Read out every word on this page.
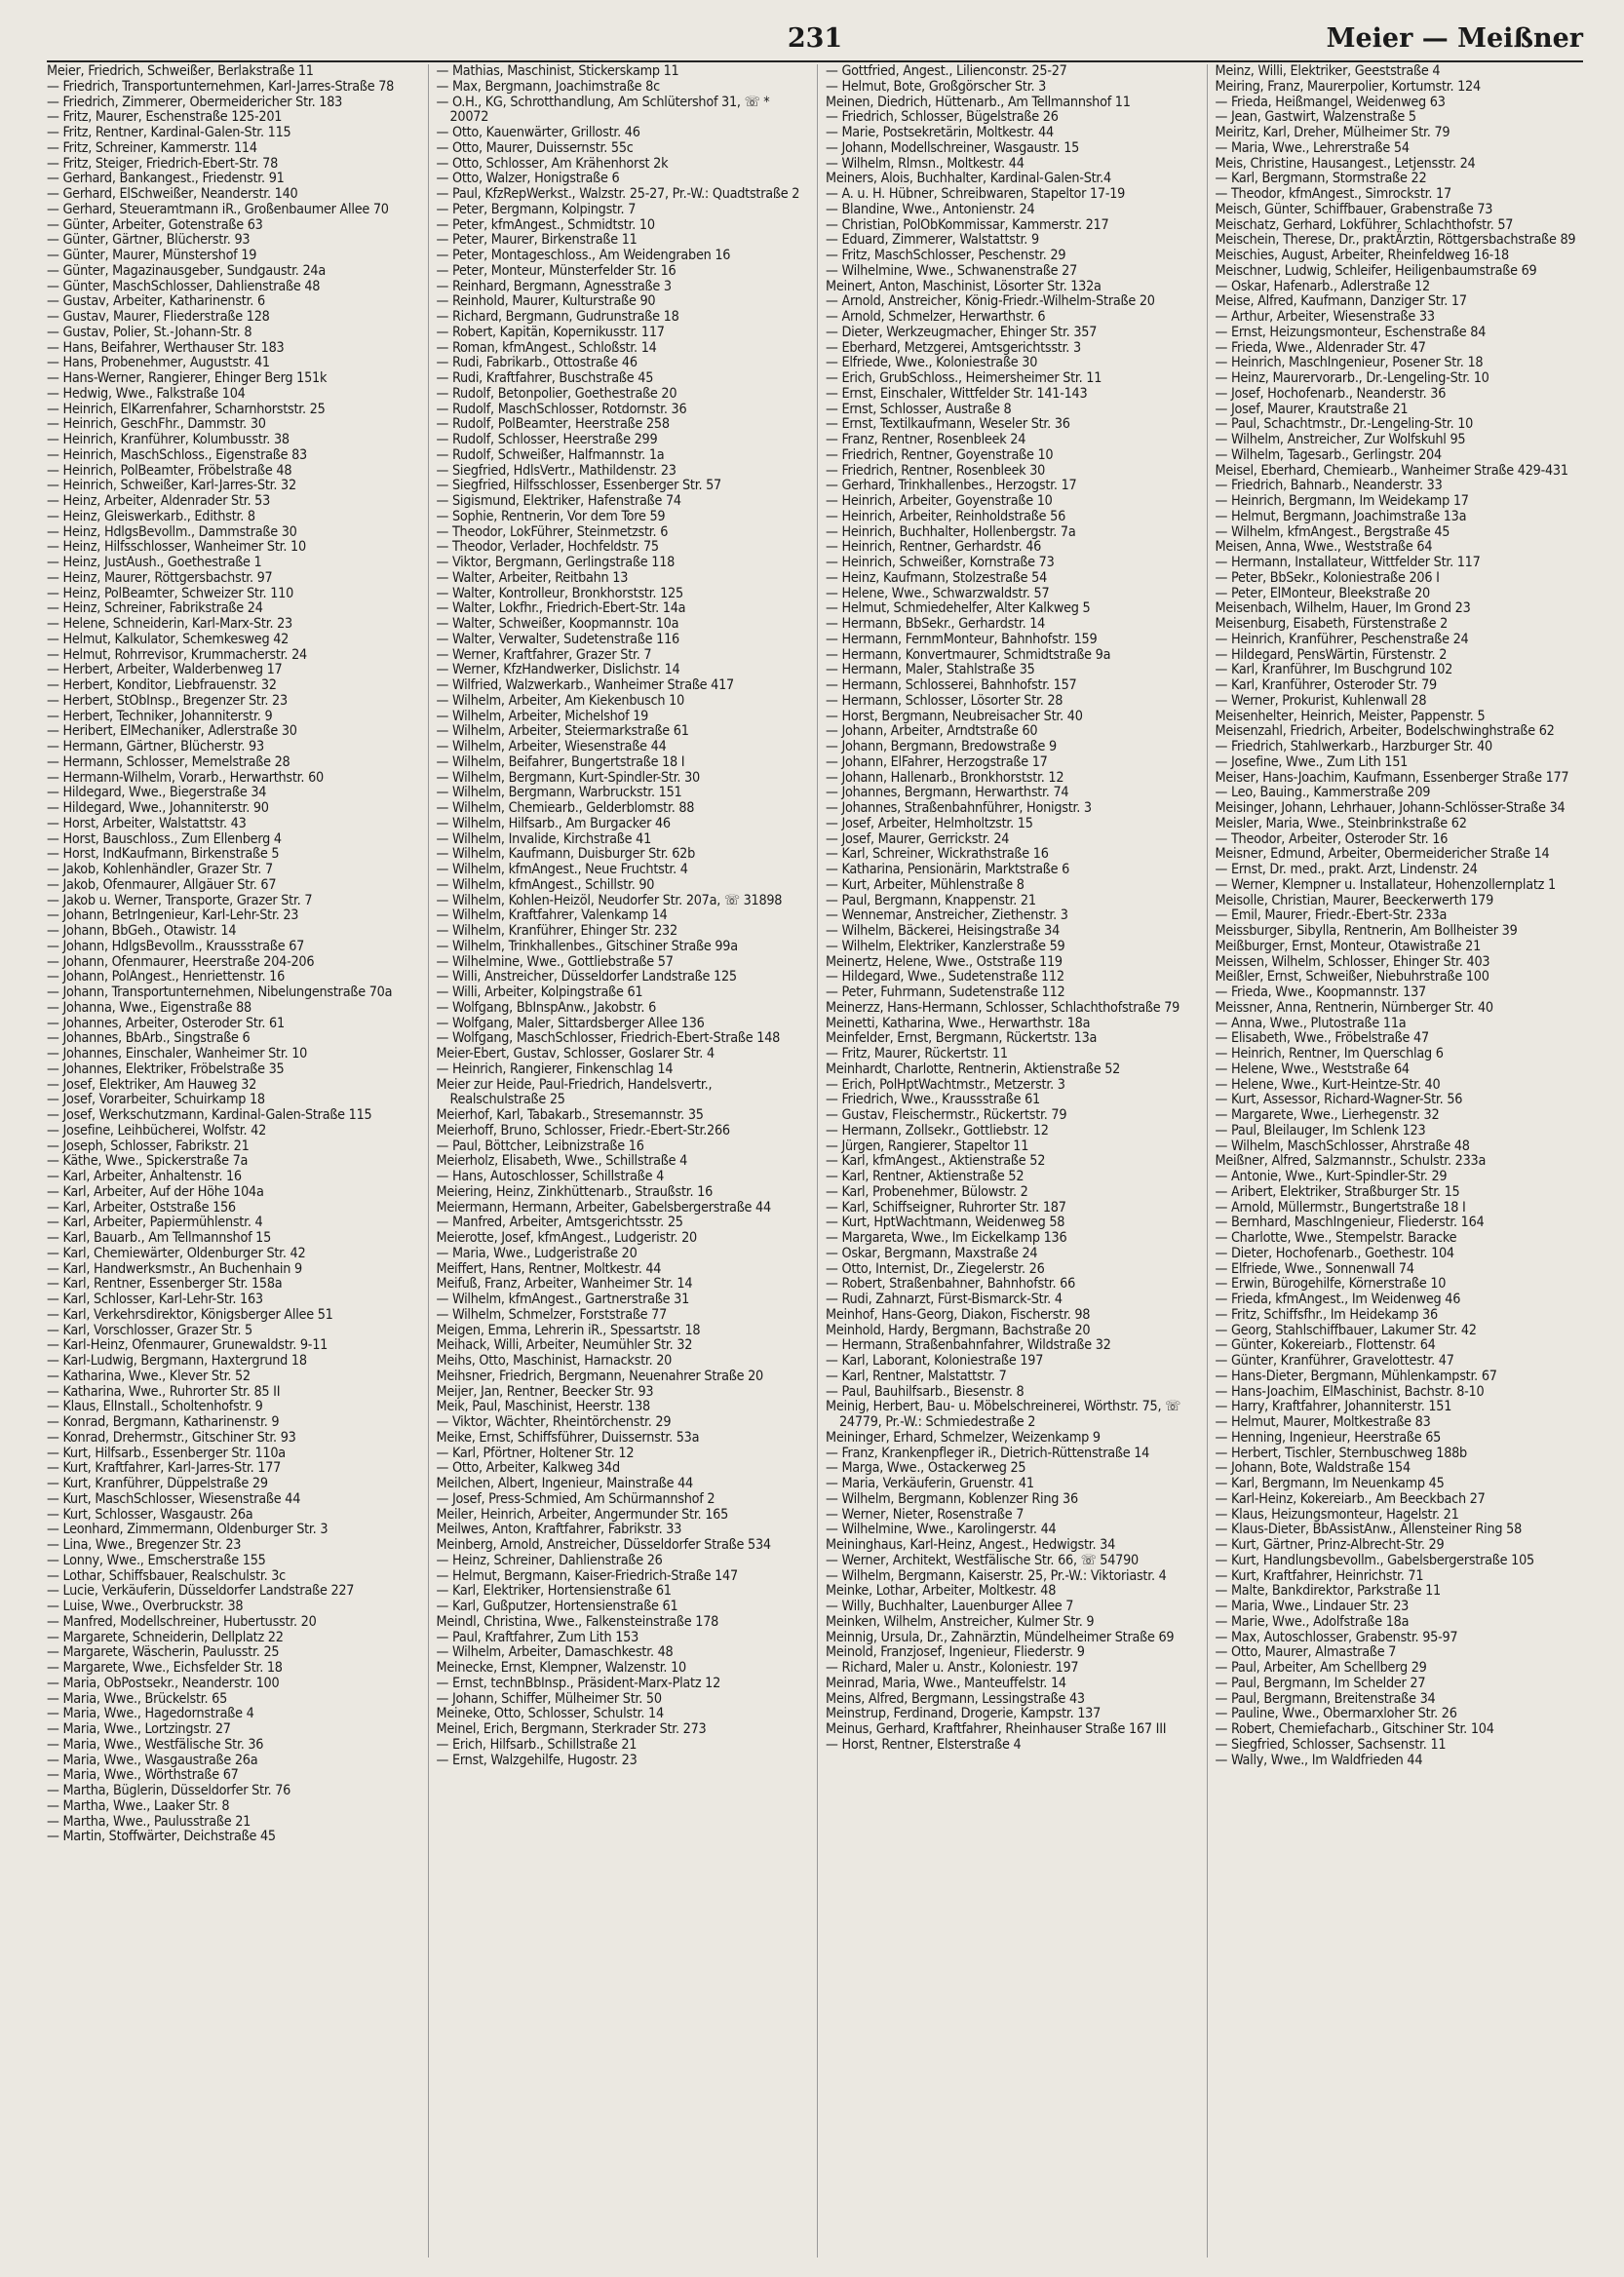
231	Meier — Meißner
Meier, Friedrich, Schweißer, Berlakstraße 11
— Friedrich, Transportunternehmen, Karl-Jarres-Straße 78
— Friedrich, Zimmerer, Obermeidericher Str. 183
— Fritz, Maurer, Eschenstraße 125-201
— Fritz, Rentner, Kardinal-Galen-Str. 115
— Fritz, Schreiner, Kammerstr. 114
— Fritz, Steiger, Friedrich-Ebert-Str. 78
— Gerhard, Bankangest., Friedenstr. 91
— Gerhard, ElSchweißer, Neanderstr. 140
— Gerhard, Steueramtmann iR., Großenbaumer Allee 70
— Günter, Arbeiter, Gotenstraße 63
— Günter, Gärtner, Blücherstr. 93
— Günter, Maurer, Münstershof 19
— Günter, Magazinausgeber, Sundgaustr. 24a
— Günter, MaschSchlosser, Dahlienstraße 48
— Gustav, Arbeiter, Katharinenstr. 6
— Gustav, Maurer, Fliederstraße 128
— Gustav, Polier, St.-Johann-Str. 8
— Hans, Beifahrer, Werthauser Str. 183
— Hans, Probenehmer, Auguststr. 41
— Hans-Werner, Rangierer, Ehinger Berg 151k
— Hedwig, Wwe., Falkstraße 104
— Heinrich, ElKarrenfahrer, Scharnhorststr. 25
— Heinrich, GeschFhr., Dammstr. 30
— Heinrich, Kranführer, Kolumbusstr. 38
— Heinrich, MaschSchloss., Eigenstraße 83
— Heinrich, PolBeamter, Fröbelstraße 48
— Heinrich, Schweißer, Karl-Jarres-Str. 32
— Heinz, Arbeiter, Aldenrader Str. 53
— Heinz, Gleiswerkarb., Edithstr. 8
— Heinz, HdlgsBevollm., Dammstraße 30
— Heinz, Hilfsschlosser, Wanheimer Str. 10
— Heinz, JustAush., Goethestraße 1
— Heinz, Maurer, Röttgersbachstr. 97
— Heinz, PolBeamter, Schweizer Str. 110
— Heinz, Schreiner, Fabrikstraße 24
— Helene, Schneiderin, Karl-Marx-Str. 23
— Helmut, Kalkulator, Schemkesweg 42
— Helmut, Rohrrevisor, Krummacherstr. 24
— Herbert, Arbeiter, Walderbenweg 17
— Herbert, Konditor, Liebfrauenstr. 32
— Herbert, StObInsp., Bregenzer Str. 23
— Herbert, Techniker, Johanniterstr. 9
— Heribert, ElMechaniker, Adlerstraße 30
— Hermann, Gärtner, Blücherstr. 93
— Hermann, Schlosser, Memelstraße 28
— Hermann-Wilhelm, Vorarb., Herwarthstr. 60
— Hildegard, Wwe., Biegerstraße 34
— Hildegard, Wwe., Johanniterstr. 90
— Horst, Arbeiter, Walstattstr. 43
— Horst, Bauschloss., Zum Ellenberg 4
— Horst, IndKaufmann, Birkenstraße 5
— Jakob, Kohlenhändler, Grazer Str. 7
— Jakob, Ofenmaurer, Allgäuer Str. 67
— Jakob u. Werner, Transporte, Grazer Str. 7
— Johann, BetrIngenieur, Karl-Lehr-Str. 23
— Johann, BbGeh., Otawistr. 14
— Johann, HdlgsBevollm., Kraussstraße 67
— Johann, Ofenmaurer, Heerstraße 204-206
— Johann, PolAngest., Henriettenstr. 16
— Johann, Transportunternehmen, Nibelungenstraße 70a
— Johanna, Wwe., Eigenstraße 88
— Johannes, Arbeiter, Osteroder Str. 61
— Johannes, BbArb., Singstraße 6
— Johannes, Einschaler, Wanheimer Str. 10
— Johannes, Elektriker, Fröbelstraße 35
— Josef, Elektriker, Am Hauweg 32
— Josef, Vorarbeiter, Schuirkamp 18
— Josef, Werkschutzmann, Kardinal-Galen-Straße 115
— Josefine, Leihbücherei, Wolfstr. 42
— Joseph, Schlosser, Fabrikstr. 21
— Käthe, Wwe., Spickerstraße 7a
— Karl, Arbeiter, Anhaltenstr. 16
— Karl, Arbeiter, Auf der Höhe 104a
— Karl, Arbeiter, Oststraße 156
— Karl, Arbeiter, Papiermühlenstr. 4
— Karl, Bauarb., Am Tellmannshof 15
— Karl, Chemiewärter, Oldenburger Str. 42
— Karl, Handwerksmstr., An Buchenhain 9
— Karl, Rentner, Essenberger Str. 158a
— Karl, Schlosser, Karl-Lehr-Str. 163
— Karl, Verkehrsdirektor, Königsberger Allee 51
— Karl, Vorschlosser, Grazer Str. 5
— Karl-Heinz, Ofenmaurer, Grunewaldstr. 9-11
— Karl-Ludwig, Bergmann, Haxtergrund 18
— Katharina, Wwe., Klever Str. 52
— Katharina, Wwe., Ruhrorter Str. 85 II
— Klaus, ElInstall., Scholtenhofstr. 9
— Konrad, Bergmann, Katharinenstr. 9
— Konrad, Drehermstr., Gitschiner Str. 93
— Kurt, Hilfsarb., Essenberger Str. 110a
— Kurt, Kraftfahrer, Karl-Jarres-Str. 177
— Kurt, Kranführer, Düppelstraße 29
— Kurt, MaschSchlosser, Wiesenstraße 44
— Kurt, Schlosser, Wasgaustr. 26a
— Leonhard, Zimmermann, Oldenburger Str. 3
— Lina, Wwe., Bregenzer Str. 23
— Lonny, Wwe., Emscherstraße 155
— Lothar, Schiffsbauer, Realschulstr. 3c
— Lucie, Verkäuferin, Düsseldorfer Landstraße 227
— Luise, Wwe., Overbruckstr. 38
— Manfred, Modellschreiner, Hubertusstr. 20
— Margarete, Schneiderin, Dellplatz 22
— Margarete, Wäscherin, Paulusstr. 25
— Margarete, Wwe., Eichsfelder Str. 18
— Maria, ObPostsekr., Neanderstr. 100
— Maria, Wwe., Brückelstr. 65
— Maria, Wwe., Hagedornstraße 4
— Maria, Wwe., Lortzingstr. 27
— Maria, Wwe., Westfälische Str. 36
— Maria, Wwe., Wasgaustraße 26a
— Maria, Wwe., Wörthstraße 67
— Martha, Büglerin, Düsseldorfer Str. 76
— Martha, Wwe., Laaker Str. 8
— Martha, Wwe., Paulusstraße 21
— Martin, Stoffwärter, Deichstraße 45
— Mathias, Maschinist, Stickerskamp 11
— Max, Bergmann, Joachimstraße 8c
— O.H., KG, Schrotthandlung, Am Schlütershof 31, ☏ * 20072
— Otto, Kauenwärter, Grillostr. 46
— Otto, Maurer, Duissernstr. 55c
— Otto, Schlosser, Am Krähenhorst 2k
— Otto, Walzer, Honigstraße 6
— Paul, KfzRepWerkst., Walzstr. 25-27, Pr.-W.: Quadtstraße 2
— Peter, Bergmann, Kolpingstr. 7
— Peter, kfmAngest., Schmidtstr. 10
— Peter, Maurer, Birkenstraße 11
— Peter, Montageschloss., Am Weidengraben 16
— Peter, Monteur, Münsterfelder Str. 16
— Reinhard, Bergmann, Agnesstraße 3
— Reinhold, Maurer, Kulturstraße 90
— Richard, Bergmann, Gudrunstraße 18
— Robert, Kapitän, Kopernikusstr. 117
— Roman, kfmAngest., Schloßstr. 14
— Rudi, Fabrikarb., Ottostraße 46
— Rudi, Kraftfahrer, Buschstraße 45
— Rudolf, Betonpolier, Goethestraße 20
— Rudolf, MaschSchlosser, Rotdornstr. 36
— Rudolf, PolBeamter, Heerstraße 258
— Rudolf, Schlosser, Heerstraße 299
— Rudolf, Schweißer, Halfmannstr. 1a
— Siegfried, HdlsVertr., Mathildenstr. 23
— Siegfried, Hilfsschlosser, Essenberger Str. 57
— Sigismund, Elektriker, Hafenstraße 74
— Sophie, Rentnerin, Vor dem Tore 59
— Theodor, LokFührer, Steinmetzstr. 6
— Theodor, Verlader, Hochfeldstr. 75
— Viktor, Bergmann, Gerlingstraße 118
— Walter, Arbeiter, Reitbahn 13
— Walter, Kontrolleur, Bronkhorststr. 125
— Walter, Lokfhr., Friedrich-Ebert-Str. 14a
— Walter, Schweißer, Koopmannstr. 10a
— Walter, Verwalter, Sudetenstraße 116
— Werner, Kraftfahrer, Grazer Str. 7
— Werner, KfzHandwerker, Dislichstr. 14
— Wilfried, Walzwerkarb., Wanheimer Straße 417
— Wilhelm, Arbeiter, Am Kiekenbusch 10
— Wilhelm, Arbeiter, Michelshof 19
— Wilhelm, Arbeiter, Steiermarkstraße 61
— Wilhelm, Arbeiter, Wiesenstraße 44
— Wilhelm, Beifahrer, Bungertstraße 18 I
— Wilhelm, Bergmann, Kurt-Spindler-Str. 30
— Wilhelm, Bergmann, Warbruckstr. 151
— Wilhelm, Chemiearb., Gelderblomstr. 88
— Wilhelm, Hilfsarb., Am Burgacker 46
— Wilhelm, Invalide, Kirchstraße 41
— Wilhelm, Kaufmann, Duisburger Str. 62b
— Wilhelm, kfmAngest., Neue Fruchtstr. 4
— Wilhelm, kfmAngest., Schillstr. 90
— Wilhelm, Kohlen-Heizöl, Neudorfer Str. 207a, ☏ 31898
— Wilhelm, Kraftfahrer, Valenkamp 14
— Wilhelm, Kranführer, Ehinger Str. 232
— Wilhelm, Trinkhallenbes., Gitschiner Straße 99a
— Wilhelmine, Wwe., Gottliebstraße 57
— Willi, Anstreicher, Düsseldorfer Landstraße 125
— Willi, Arbeiter, Kolpingstraße 61
— Wolfgang, BbInspAnw., Jakobstr. 6
— Wolfgang, Maler, Sittardsberger Allee 136
— Wolfgang, MaschSchlosser, Friedrich-Ebert-Straße 148
Meier-Ebert, Gustav, Schlosser, Goslarer Str. 4
— Heinrich, Rangierer, Finkenschlag 14
Meier zur Heide, Paul-Friedrich, Handelsvertr., Realschulstraße 25
Meierhof, Karl, Tabakarb., Stresemannstr. 35
Meierhoff, Bruno, Schlosser, Friedr.-Ebert-Str.266
— Paul, Böttcher, Leibnizstraße 16
Meierholz, Elisabeth, Wwe., Schillstraße 4
— Hans, Autoschlosser, Schillstraße 4
Meiering, Heinz, Zinkhüttenarb., Straußstr. 16
Meiermann, Hermann, Arbeiter, Gabelsbergerstraße 44
— Manfred, Arbeiter, Amtsgerichtsstr. 25
Meierotte, Josef, kfmAngest., Ludgeristr. 20
— Maria, Wwe., Ludgeristraße 20
Meiffert, Hans, Rentner, Moltkestr. 44
Meifuß, Franz, Arbeiter, Wanheimer Str. 14
— Wilhelm, kfmAngest., Gartnerstraße 31
— Wilhelm, Schmelzer, Forststraße 77
Meigen, Emma, Lehrerin iR., Spessartstr. 18
Meihack, Willi, Arbeiter, Neumühler Str. 32
Meihs, Otto, Maschinist, Harnackstr. 20
Meihsner, Friedrich, Bergmann, Neuenahrer Straße 20
Meijer, Jan, Rentner, Beecker Str. 93
Meik, Paul, Maschinist, Heerstr. 138
— Viktor, Wächter, Rheintörchenstr. 29
Meike, Ernst, Schiffsführer, Duissernstr. 53a
— Karl, Pförtner, Holtener Str. 12
— Otto, Arbeiter, Kalkweg 34d
Meilchen, Albert, Ingenieur, Mainstraße 44
— Josef, Press-Schmied, Am Schürmannshof 2
Meiler, Heinrich, Arbeiter, Angermunder Str. 165
Meilwes, Anton, Kraftfahrer, Fabrikstr. 33
Meinberg, Arnold, Anstreicher, Düsseldorfer Straße 534
— Heinz, Schreiner, Dahlienstraße 26
— Helmut, Bergmann, Kaiser-Friedrich-Straße 147
— Karl, Elektriker, Hortensienstraße 61
— Karl, Gußputzer, Hortensienstraße 61
Meindl, Christina, Wwe., Falkensteinstraße 178
— Paul, Kraftfahrer, Zum Lith 153
— Wilhelm, Arbeiter, Damaschkestr. 48
Meinecke, Ernst, Klempner, Walzenstr. 10
— Ernst, technBbInsp., Präsident-Marx-Platz 12
— Johann, Schiffer, Mülheimer Str. 50
Meineke, Otto, Schlosser, Schulstr. 14
Meinel, Erich, Bergmann, Sterkrader Str. 273
— Erich, Hilfsarb., Schillstraße 21
— Ernst, Walzgehilfe, Hugostr. 23
— Gottfried, Angest., Lilienconstr. 25-27
— Helmut, Bote, Großgörscher Str. 3
Meinen, Diedrich, Hüttenarb., Am Tellmannshof 11
— Friedrich, Schlosser, Bügelstraße 26
— Marie, Postsekretärin, Moltkestr. 44
— Johann, Modellschreiner, Wasgaustr. 15
— Wilhelm, Rlmsn., Moltkestr. 44
Meiners, Alois, Buchhalter, Kardinal-Galen-Str.4
— A. u. H. Hübner, Schreibwaren, Stapeltor 17-19
— Blandine, Wwe., Antonienstr. 24
— Christian, PolObKommissar, Kammerstr. 217
— Eduard, Zimmerer, Walstattstr. 9
— Fritz, MaschSchlosser, Peschenstr. 29
— Wilhelmine, Wwe., Schwanenstraße 27
Meinert, Anton, Maschinist, Lösorter Str. 132a
— Arnold, Anstreicher, König-Friedr.-Wilhelm-Straße 20
— Arnold, Schmelzer, Herwarthstr. 6
— Dieter, Werkzeugmacher, Ehinger Str. 357
— Eberhard, Metzgerei, Amtsgerichtsstr. 3
— Elfriede, Wwe., Koloniestraße 30
— Erich, GrubSchloss., Heimersheimer Str. 11
— Ernst, Einschaler, Wittfelder Str. 141-143
— Ernst, Schlosser, Austraße 8
— Ernst, Textilkaufmann, Weseler Str. 36
— Franz, Rentner, Rosenbleek 24
— Friedrich, Rentner, Goyenstraße 10
— Friedrich, Rentner, Rosenbleek 30
— Gerhard, Trinkhallenbes., Herzogstr. 17
— Heinrich, Arbeiter, Goyenstraße 10
— Heinrich, Arbeiter, Reinholdstraße 56
— Heinrich, Buchhalter, Hollenbergstr. 7a
— Heinrich, Rentner, Gerhardstr. 46
— Heinrich, Schweißer, Kornstraße 73
— Heinz, Kaufmann, Stolzestraße 54
— Helene, Wwe., Schwarzwaldstr. 57
— Helmut, Schmiedehelfer, Alter Kalkweg 5
— Hermann, BbSekr., Gerhardstr. 14
— Hermann, FernmMonteur, Bahnhofstr. 159
— Hermann, Konvertmaurer, Schmidtstraße 9a
— Hermann, Maler, Stahlstraße 35
— Hermann, Schlosserei, Bahnhofstr. 157
— Hermann, Schlosser, Lösorter Str. 28
— Horst, Bergmann, Neubreisacher Str. 40
— Johann, Arbeiter, Arndtstraße 60
— Johann, Bergmann, Bredowstraße 9
— Johann, ElFahrer, Herzogstraße 17
— Johann, Hallenarb., Bronkhorststr. 12
— Johannes, Bergmann, Herwarthstr. 74
— Johannes, Straßenbahnführer, Honigstr. 3
— Josef, Arbeiter, Helmholtzstr. 15
— Josef, Maurer, Gerrickstr. 24
— Karl, Schreiner, Wickrathstraße 16
— Katharina, Pensionärin, Marktstraße 6
— Kurt, Arbeiter, Mühlenstraße 8
— Paul, Bergmann, Knappenstr. 21
— Wennemar, Anstreicher, Ziethenstr. 3
— Wilhelm, Bäckerei, Heisingstraße 34
— Wilhelm, Elektriker, Kanzlerstraße 59
Meinertz, Helene, Wwe., Oststraße 119
— Hildegard, Wwe., Sudetenstraße 112
— Peter, Fuhrmann, Sudetenstraße 112
Meinerzz, Hans-Hermann, Schlosser, Schlachthofstraße 79
Meinetti, Katharina, Wwe., Herwarthstr. 18a
Meinfelder, Ernst, Bergmann, Rückertstr. 13a
— Fritz, Maurer, Rückertstr. 11
Meinhardt, Charlotte, Rentnerin, Aktienstraße 52
— Erich, PolHptWachtmstr., Metzerstr. 3
— Friedrich, Wwe., Kraussstraße 61
— Gustav, Fleischermstr., Rückertstr. 79
— Hermann, Zollsekr., Gottliebstr. 12
— Jürgen, Rangierer, Stapeltor 11
— Karl, kfmAngest., Aktienstraße 52
— Karl, Rentner, Aktienstraße 52
— Karl, Probenehmer, Bülowstr. 2
— Karl, Schiffseigner, Ruhrorter Str. 187
— Kurt, HptWachtmann, Weidenweg 58
— Margareta, Wwe., Im Eickelkamp 136
— Oskar, Bergmann, Maxstraße 24
— Otto, Internist, Dr., Ziegelerstr. 26
— Robert, Straßenbahner, Bahnhofstr. 66
— Rudi, Zahnarzt, Fürst-Bismarck-Str. 4
Meinhof, Hans-Georg, Diakon, Fischerstr. 98
Meinhold, Hardy, Bergmann, Bachstraße 20
— Hermann, Straßenbahnfahrer, Wildstraße 32
— Karl, Laborant, Koloniestraße 197
— Karl, Rentner, Malstattstr. 7
— Paul, Bauhilfsarb., Biesenstr. 8
Meinig, Herbert, Bau- u. Möbelschreinerei, Wörthstr. 75, ☏ 24779, Pr.-W.: Schmiedestraße 2
Meininger, Erhard, Schmelzer, Weizenkamp 9
— Franz, Krankenpfleger iR., Dietrich-Rüttenstraße 14
— Marga, Wwe., Ostackerweg 25
— Maria, Verkäuferin, Gruenstr. 41
— Wilhelm, Bergmann, Koblenzer Ring 36
— Werner, Nieter, Rosenstraße 7
— Wilhelmine, Wwe., Karolingerstr. 44
Meininghaus, Karl-Heinz, Angest., Hedwigstr. 34
— Werner, Architekt, Westfälische Str. 66, ☏ 54790
— Wilhelm, Bergmann, Kaiserstr. 25, Pr.-W.: Viktoriastr. 4
Meinke, Lothar, Arbeiter, Moltkestr. 48
— Willy, Buchhalter, Lauenburger Allee 7
Meinken, Wilhelm, Anstreicher, Kulmer Str. 9
Meinnig, Ursula, Dr., Zahnärztin, Mündelheimer Straße 69
Meinold, Franzjosef, Ingenieur, Fliederstr. 9
— Richard, Maler u. Anstr., Koloniestr. 197
Meinrad, Maria, Wwe., Manteuffelstr. 14
Meins, Alfred, Bergmann, Lessingstraße 43
Meinstrup, Ferdinand, Drogerie, Kampstr. 137
Meinus, Gerhard, Kraftfahrer, Rheinhauser Straße 167 III
— Horst, Rentner, Elsterstraße 4
Meinz, Willi, Elektriker, Geeststraße 4
Meiring, Franz, Maurerpolier, Kortumstr. 124
— Frieda, Heißmangel, Weidenweg 63
— Jean, Gastwirt, Walzenstraße 5
Meiritz, Karl, Dreher, Mülheimer Str. 79
— Maria, Wwe., Lehrerstraße 54
Meis, Christine, Hausangest., Letjensstr. 24
— Karl, Bergmann, Stormstraße 22
— Theodor, kfmAngest., Simrockstr. 17
Meisch, Günter, Schiffbauer, Grabenstraße 73
Meischatz, Gerhard, Lokführer, Schlachthofstr. 57
Meischein, Therese, Dr., praktÄrztin, Röttgersbachstraße 89
Meischies, August, Arbeiter, Rheinfeldweg 16-18
Meischner, Ludwig, Schleifer, Heiligenbaumstraße 69
— Oskar, Hafenarb., Adlerstraße 12
Meise, Alfred, Kaufmann, Danziger Str. 17
— Arthur, Arbeiter, Wiesenstraße 33
— Ernst, Heizungsmonteur, Eschenstraße 84
— Frieda, Wwe., Aldenrader Str. 47
— Heinrich, MaschIngenieur, Posener Str. 18
— Heinz, Maurervorarb., Dr.-Lengeling-Str. 10
— Josef, Hochofenarb., Neanderstr. 36
— Josef, Maurer, Krautstraße 21
— Paul, Schachtmstr., Dr.-Lengeling-Str. 10
— Wilhelm, Anstreicher, Zur Wolfskuhl 95
— Wilhelm, Tagesarb., Gerlingstr. 204
Meisel, Eberhard, Chemiearb., Wanheimer Straße 429-431
— Friedrich, Bahnarb., Neanderstr. 33
— Heinrich, Bergmann, Im Weidekamp 17
— Helmut, Bergmann, Joachimstraße 13a
— Wilhelm, kfmAngest., Bergstraße 45
Meisen, Anna, Wwe., Weststraße 64
— Hermann, Installateur, Wittfelder Str. 117
— Peter, BbSekr., Koloniestraße 206 I
— Peter, ElMonteur, Bleekstraße 20
Meisenbach, Wilhelm, Hauer, Im Grond 23
Meisenburg, Eisabeth, Fürstenstraße 2
— Heinrich, Kranführer, Peschenstraße 24
— Hildegard, PensWärtin, Fürstenstr. 2
— Karl, Kranführer, Im Buschgrund 102
— Karl, Kranführer, Osteroder Str. 79
— Werner, Prokurist, Kuhlenwall 28
Meisenhelter, Heinrich, Meister, Pappenstr. 5
Meisenzahl, Friedrich, Arbeiter, Bodelschwinghstraße 62
— Friedrich, Stahlwerkarb., Harzburger Str. 40
— Josefine, Wwe., Zum Lith 151
Meiser, Hans-Joachim, Kaufmann, Essenberger Straße 177
— Leo, Bauing., Kammerstraße 209
Meisinger, Johann, Lehrhauer, Johann-Schlösser-Straße 34
Meisler, Maria, Wwe., Steinbrinkstraße 62
— Theodor, Arbeiter, Osteroder Str. 16
Meisner, Edmund, Arbeiter, Obermeidericher Straße 14
— Ernst, Dr. med., prakt. Arzt, Lindenstr. 24
— Werner, Klempner u. Installateur, Hohenzollernplatz 1
Meisolle, Christian, Maurer, Beeckerwerth 179
— Emil, Maurer, Friedr.-Ebert-Str. 233a
Meissburger, Sibylla, Rentnerin, Am Bollheister 39
Meißburger, Ernst, Monteur, Otawistraße 21
Meissen, Wilhelm, Schlosser, Ehinger Str. 403
Meißler, Ernst, Schweißer, Niebuhrstraße 100
— Frieda, Wwe., Koopmannstr. 137
Meissner, Anna, Rentnerin, Nürnberger Str. 40
— Anna, Wwe., Plutostraße 11a
— Elisabeth, Wwe., Fröbelstraße 47
— Heinrich, Rentner, Im Querschlag 6
— Helene, Wwe., Weststraße 64
— Helene, Wwe., Kurt-Heintze-Str. 40
— Kurt, Assessor, Richard-Wagner-Str. 56
— Margarete, Wwe., Lierhegenstr. 32
— Paul, Bleilauger, Im Schlenk 123
— Wilhelm, MaschSchlosser, Ahrstraße 48
Meißner, Alfred, Salzmannstr., Schulstr. 233a
— Antonie, Wwe., Kurt-Spindler-Str. 29
— Aribert, Elektriker, Straßburger Str. 15
— Arnold, Müllermstr., Bungertstraße 18 I
— Bernhard, MaschIngenieur, Fliederstr. 164
— Charlotte, Wwe., Stempelstr. Baracke
— Dieter, Hochofenarb., Goethestr. 104
— Elfriede, Wwe., Sonnenwall 74
— Erwin, Bürogehilfe, Körnerstraße 10
— Frieda, kfmAngest., Im Weidenweg 46
— Fritz, Schiffsfhr., Im Heidekamp 36
— Georg, Stahlschiffbauer, Lakumer Str. 42
— Günter, Kokereiarb., Flottenstr. 64
— Günter, Kranführer, Gravelottestr. 47
— Hans-Dieter, Bergmann, Mühlenkampstr. 67
— Hans-Joachim, ElMaschinist, Bachstr. 8-10
— Harry, Kraftfahrer, Johanniterstr. 151
— Helmut, Maurer, Moltkestraße 83
— Henning, Ingenieur, Heerstraße 65
— Herbert, Tischler, Sternbuschweg 188b
— Johann, Bote, Waldstraße 154
— Karl, Bergmann, Im Neuenkamp 45
— Karl-Heinz, Kokereiarb., Am Beeckbach 27
— Klaus, Heizungsmonteur, Hagelstr. 21
— Klaus-Dieter, BbAssistAnw., Allensteiner Ring 58
— Kurt, Gärtner, Prinz-Albrecht-Str. 29
— Kurt, Handlungsbevollm., Gabelsbergerstraße 105
— Kurt, Kraftfahrer, Heinrichstr. 71
— Malte, Bankdirektor, Parkstraße 11
— Maria, Wwe., Lindauer Str. 23
— Marie, Wwe., Adolfstraße 18a
— Max, Autoschlosser, Grabenstr. 95-97
— Otto, Maurer, Almastraße 7
— Paul, Arbeiter, Am Schellberg 29
— Paul, Bergmann, Im Schelder 27
— Paul, Bergmann, Breitenstraße 34
— Pauline, Wwe., Obermarxloher Str. 26
— Robert, Chemiefacharb., Gitschiner Str. 104
— Siegfried, Schlosser, Sachsenstr. 11
— Wally, Wwe., Im Waldfrieden 44
